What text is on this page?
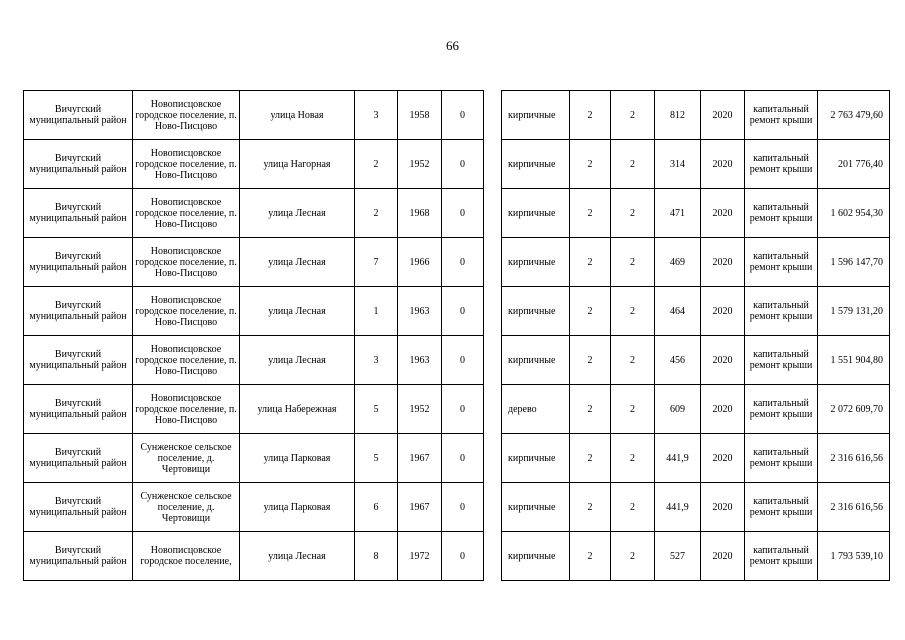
66
Вичугский муниципальный район	Новописцовское городское поселение, п. Ново-Писцово	улица Новая	3	1958	0		кирпичные	2	2	812	2020	капитальный ремонт крыши	2 763 479,60
Вичугский муниципальный район	Новописцовское городское поселение, п. Ново-Писцово	улица Нагорная	2	1952	0		кирпичные	2	2	314	2020	капитальный ремонт крыши	201 776,40
Вичугский муниципальный район	Новописцовское городское поселение, п. Ново-Писцово	улица Лесная	2	1968	0		кирпичные	2	2	471	2020	капитальный ремонт крыши	1 602 954,30
Вичугский муниципальный район	Новописцовское городское поселение, п. Ново-Писцово	улица Лесная	7	1966	0		кирпичные	2	2	469	2020	капитальный ремонт крыши	1 596 147,70
Вичугский муниципальный район	Новописцовское городское поселение, п. Ново-Писцово	улица Лесная	1	1963	0		кирпичные	2	2	464	2020	капитальный ремонт крыши	1 579 131,20
Вичугский муниципальный район	Новописцовское городское поселение, п. Ново-Писцово	улица Лесная	3	1963	0		кирпичные	2	2	456	2020	капитальный ремонт крыши	1 551 904,80
Вичугский муниципальный район	Новописцовское городское поселение, п. Ново-Писцово	улица Набережная	5	1952	0		дерево	2	2	609	2020	капитальный ремонт крыши	2 072 609,70
Вичугский муниципальный район	Сунженское сельское поселение, д. Чертовищи	улица Парковая	5	1967	0		кирпичные	2	2	441,9	2020	капитальный ремонт крыши	2 316 616,56
Вичугский муниципальный район	Сунженское сельское поселение, д. Чертовищи	улица Парковая	6	1967	0		кирпичные	2	2	441,9	2020	капитальный ремонт крыши	2 316 616,56
Вичугский муниципальный район	Новописцовское городское поселение,	улица Лесная	8	1972	0		кирпичные	2	2	527	2020	капитальный ремонт крыши	1 793 539,10
